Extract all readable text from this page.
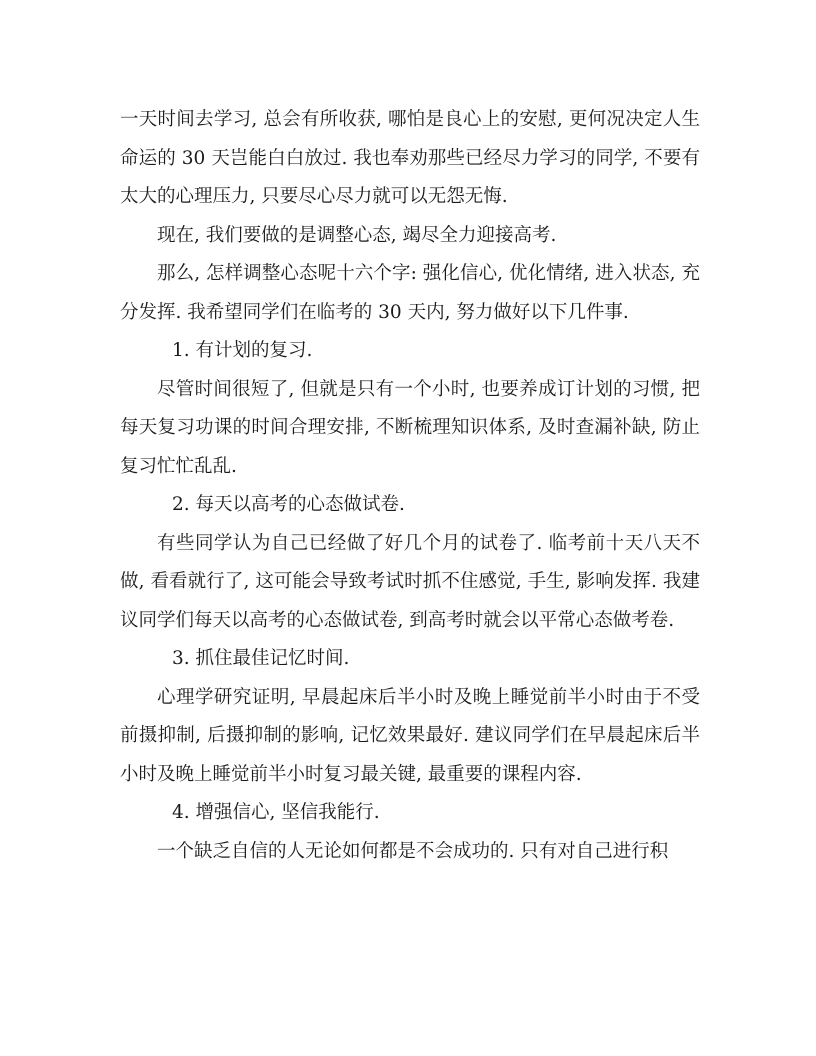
一天时间去学习, 总会有所收获, 哪怕是良心上的安慰, 更何况决定人生命运的 30 天岂能白白放过. 我也奉劝那些已经尽力学习的同学, 不要有太大的心理压力, 只要尽心尽力就可以无怨无悔.

现在, 我们要做的是调整心态, 竭尽全力迎接高考.

那么, 怎样调整心态呢十六个字: 强化信心, 优化情绪, 进入状态, 充分发挥. 我希望同学们在临考的 30 天内, 努力做好以下几件事.

1. 有计划的复习.

尽管时间很短了, 但就是只有一个小时, 也要养成订计划的习惯, 把每天复习功课的时间合理安排, 不断梳理知识体系, 及时查漏补缺, 防止复习忙忙乱乱.

2. 每天以高考的心态做试卷.

有些同学认为自己已经做了好几个月的试卷了. 临考前十天八天不做, 看看就行了, 这可能会导致考试时抓不住感觉, 手生, 影响发挥. 我建议同学们每天以高考的心态做试卷, 到高考时就会以平常心态做考卷.

3. 抓住最佳记忆时间.

心理学研究证明, 早晨起床后半小时及晚上睡觉前半小时由于不受前摄抑制, 后摄抑制的影响, 记忆效果最好. 建议同学们在早晨起床后半小时及晚上睡觉前半小时复习最关键, 最重要的课程内容.

4. 增强信心, 坚信我能行.

一个缺乏自信的人无论如何都是不会成功的. 只有对自己进行积
